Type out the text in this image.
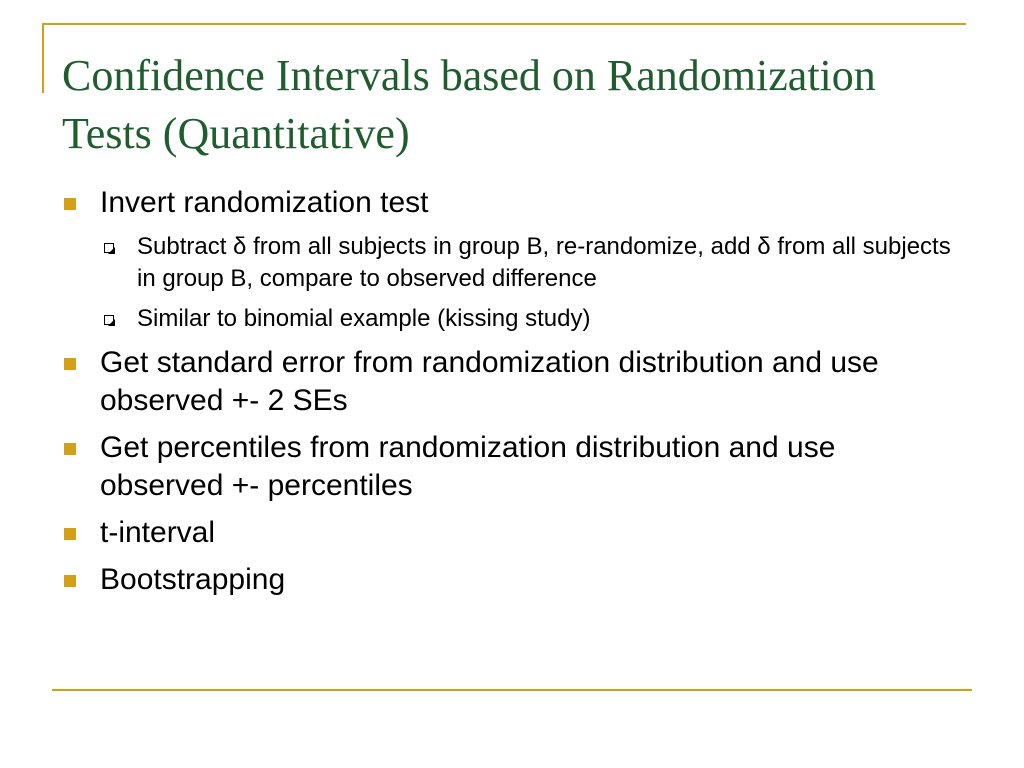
Confidence Intervals based on Randomization Tests (Quantitative)
Invert randomization test
Subtract δ from all subjects in group B, re-randomize, add δ from all subjects in group B, compare to observed difference
Similar to binomial example (kissing study)
Get standard error from randomization distribution and use observed +- 2 SEs
Get percentiles from randomization distribution and use observed +- percentiles
t-interval
Bootstrapping
